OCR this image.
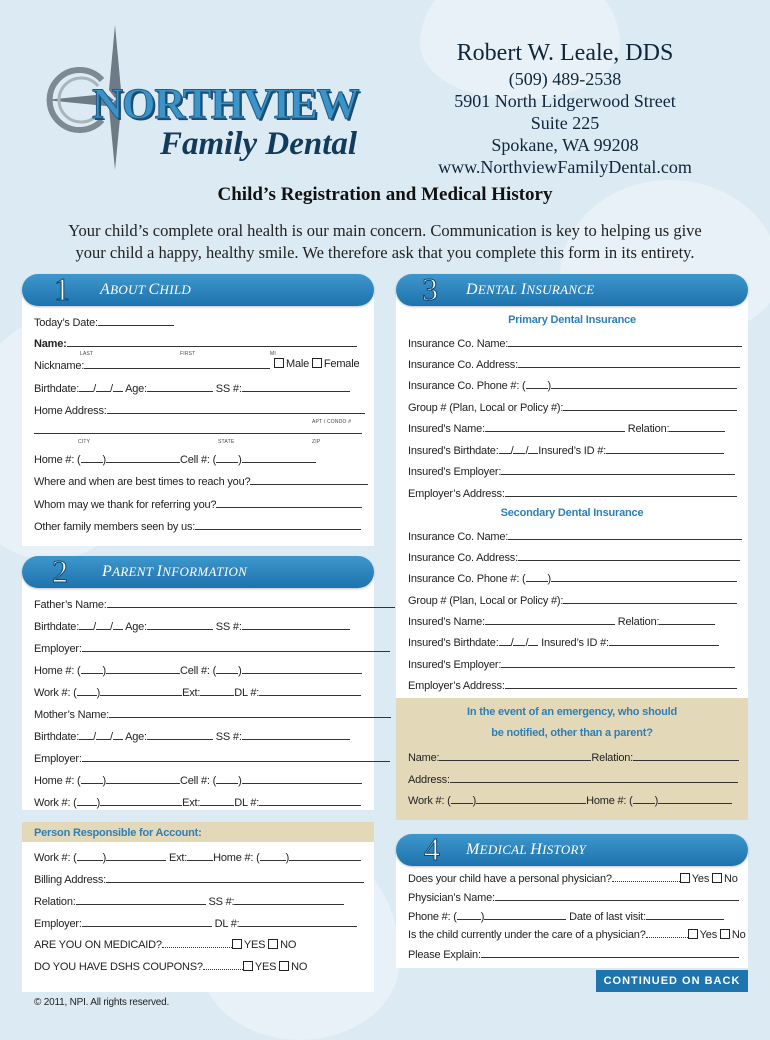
NORTHVIEW
Family Dental
Robert W. Leale, DDS
(509) 489-2538
5901 North Lidgerwood Street
Suite 225
Spokane, WA 99208
www.NorthviewFamilyDental.com
Child’s Registration and Medical History
Your child’s complete oral health is our main concern. Communication is key to helping us give
your child a happy, healthy smile. We therefore ask that you complete this form in its entirety.
1 ABOUT CHILD
Today’s Date:
Name:
LAST	FIRST	MI
Nickname:	Male Female
Birthdate: / / Age:	SS #:
Home Address:
APT / CONDO #
CITY	STATE	ZIP
Home #: ( )	Cell #: ( )
Where and when are best times to reach you?
Whom may we thank for referring you?
Other family members seen by us:
2 PARENT INFORMATION
Father’s Name:
Birthdate: / / Age:	SS #:
Employer:
Home #: ( )	Cell #: ( )
Work #: ( )	Ext:	DL #:
Mother’s Name:
Birthdate: / / Age:	SS #:
Employer:
Home #: ( )	Cell #: ( )
Work #: ( )	Ext:	DL #:
Person Responsible for Account:
Work #: ( )	Ext: Home #: ( )
Billing Address:
Relation:	SS #:
Employer:	DL #:
ARE YOU ON MEDICAID?	YES NO
DO YOU HAVE DSHS COUPONS?	YES NO
© 2011, NPI. All rights reserved.
3 DENTAL INSURANCE
Primary Dental Insurance
Insurance Co. Name:
Insurance Co. Address:
Insurance Co. Phone #: ( )
Group # (Plan, Local or Policy #):
Insured’s Name:	Relation:
Insured’s Birthdate: / / Insured’s ID #:
Insured’s Employer:
Employer’s Address:
Secondary Dental Insurance
Insurance Co. Name:
Insurance Co. Address:
Insurance Co. Phone #: ( )
Group # (Plan, Local or Policy #):
Insured’s Name:	Relation:
Insured’s Birthdate: / / Insured’s ID #:
Insured’s Employer:
Employer’s Address:
In the event of an emergency, who should
be notified, other than a parent?
Name:	Relation:
Address:
Work #: ( )	Home #: ( )
4 MEDICAL HISTORY
Does your child have a personal physician?	Yes No
Physician’s Name:
Phone #: ( )	Date of last visit:
Is the child currently under the care of a physician?	Yes No
Please Explain:
CONTINUED ON BACK
